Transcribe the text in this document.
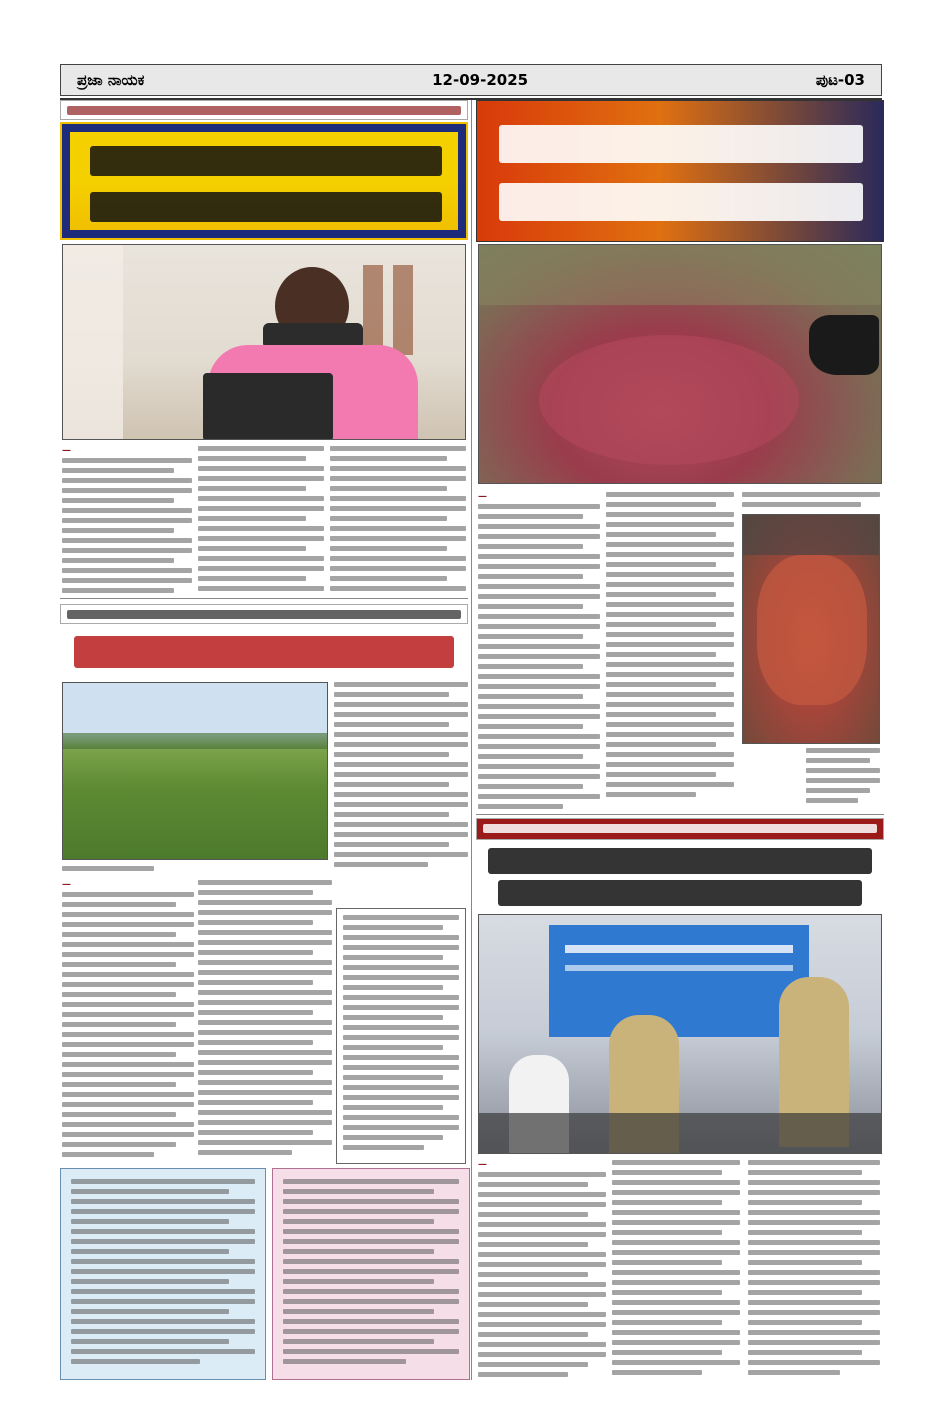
ಪ್ರಜಾ ನಾಯಕ	12-09-2025	ಪುಟ-03
—
—
—
—
